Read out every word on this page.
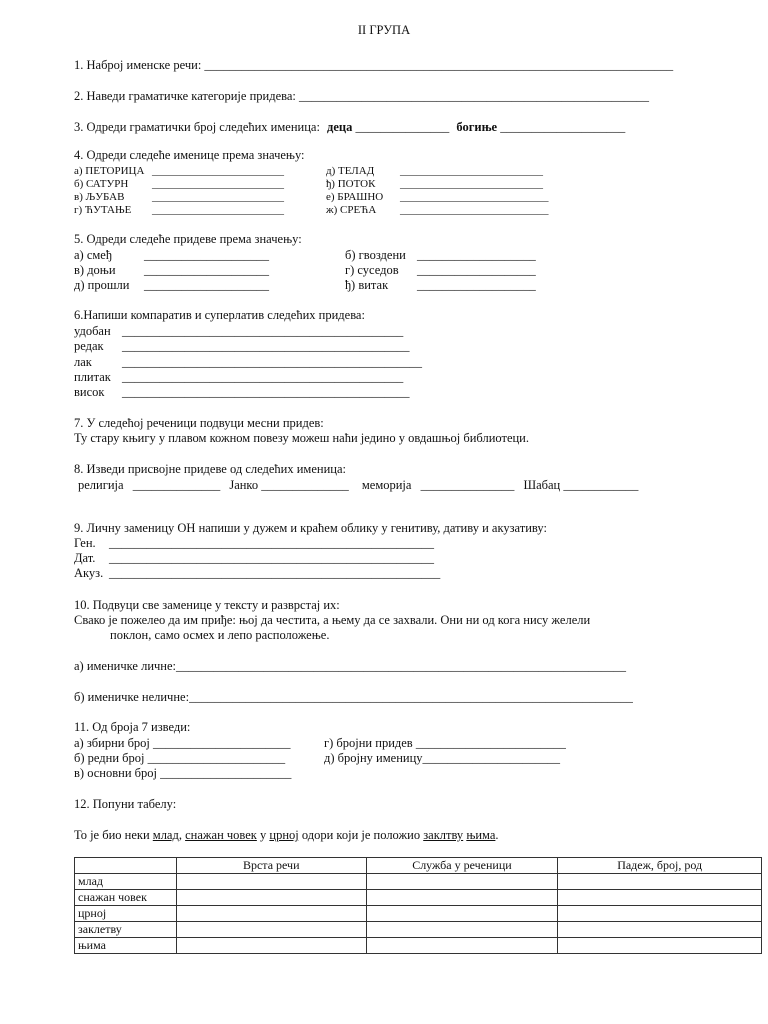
II ГРУПА
1. Наброј именске речи: ___________________________________________________________________________
2. Наведи граматичке категорије придева: ________________________________________________________
3. Одреди граматички број следећих именица: деца _______________ богиње ____________________
4. Одреди следеће именице према значењу:
а) ПЕТОРИЦА ________________________
б) САТУРН ________________________
в) ЉУБАВ	________________________
г) ЋУТАЊЕ ________________________
д) ТЕЛАД __________________________
ђ) ПОТОК __________________________
е) БРАШНО ___________________________
ж) СРЕЋА ___________________________
5. Одреди следеће придеве према значењу:
а) смеђ	____________________
в) доњи ____________________
д) прошли ____________________
б) гвоздени ___________________
г) суседов ___________________
ђ) витак ___________________
6.Напиши компаратив и суперлатив следећих придева:
удобан _____________________________________________
редак ______________________________________________
лак ________________________________________________
плитак _____________________________________________
висок ______________________________________________
7. У следећој реченици подвуци месни придев:
Ту стару књигу у плавом кожном повезу можеш наћи једино у овдашњој библиотеци.
8. Изведи присвојне придеве од следећих именица:
религија ______________ Јанко ______________ меморија _______________ Шабац ____________
9. Личну заменицу ОН напиши у дужем и краћем облику у генитиву, дативу и акузативу:
Ген. ____________________________________________________
Дат. ____________________________________________________
Акуз. _____________________________________________________
10. Подвуци све заменице у тексту и разврстај их:
Свако је пожелео да им приђе: њој да честита, а њему да се захвали. Они ни од кога нису желели
поклон, само осмех и лепо расположење.
а) именичке личне:________________________________________________________________________
б) именичке неличне:_______________________________________________________________________
11. Од броја 7 изведи:
а) збирни број ______________________	г) бројни придев ________________________
б) редни број ______________________	д) бројну именицу______________________
в) основни број _____________________
12. Попуни табелу:
То је био неки млад, снажан човек у црној одори који је положио заклтву њима.
	Врста речи	Служба у реченици	Падеж, број, род
млад			
снажан човек			
црној			
заклетву			
њима			
